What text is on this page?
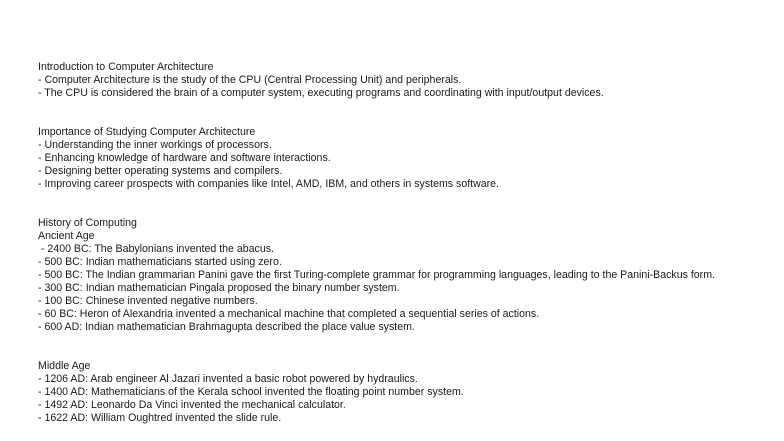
Introduction to Computer Architecture
- Computer Architecture is the study of the CPU (Central Processing Unit) and peripherals.
- The CPU is considered the brain of a computer system, executing programs and coordinating with input/output devices.
Importance of Studying Computer Architecture
- Understanding the inner workings of processors.
- Enhancing knowledge of hardware and software interactions.
- Designing better operating systems and compilers.
- Improving career prospects with companies like Intel, AMD, IBM, and others in systems software.
History of Computing
Ancient Age
- 2400 BC: The Babylonians invented the abacus.
- 500 BC: Indian mathematicians started using zero.
- 500 BC: The Indian grammarian Panini gave the first Turing-complete grammar for programming languages, leading to the Panini-Backus form.
- 300 BC: Indian mathematician Pingala proposed the binary number system.
- 100 BC: Chinese invented negative numbers.
- 60 BC: Heron of Alexandria invented a mechanical machine that completed a sequential series of actions.
- 600 AD: Indian mathematician Brahmagupta described the place value system.
Middle Age
- 1206 AD: Arab engineer Al Jazari invented a basic robot powered by hydraulics.
- 1400 AD: Mathematicians of the Kerala school invented the floating point number system.
- 1492 AD: Leonardo Da Vinci invented the mechanical calculator.
- 1622 AD: William Oughtred invented the slide rule.
